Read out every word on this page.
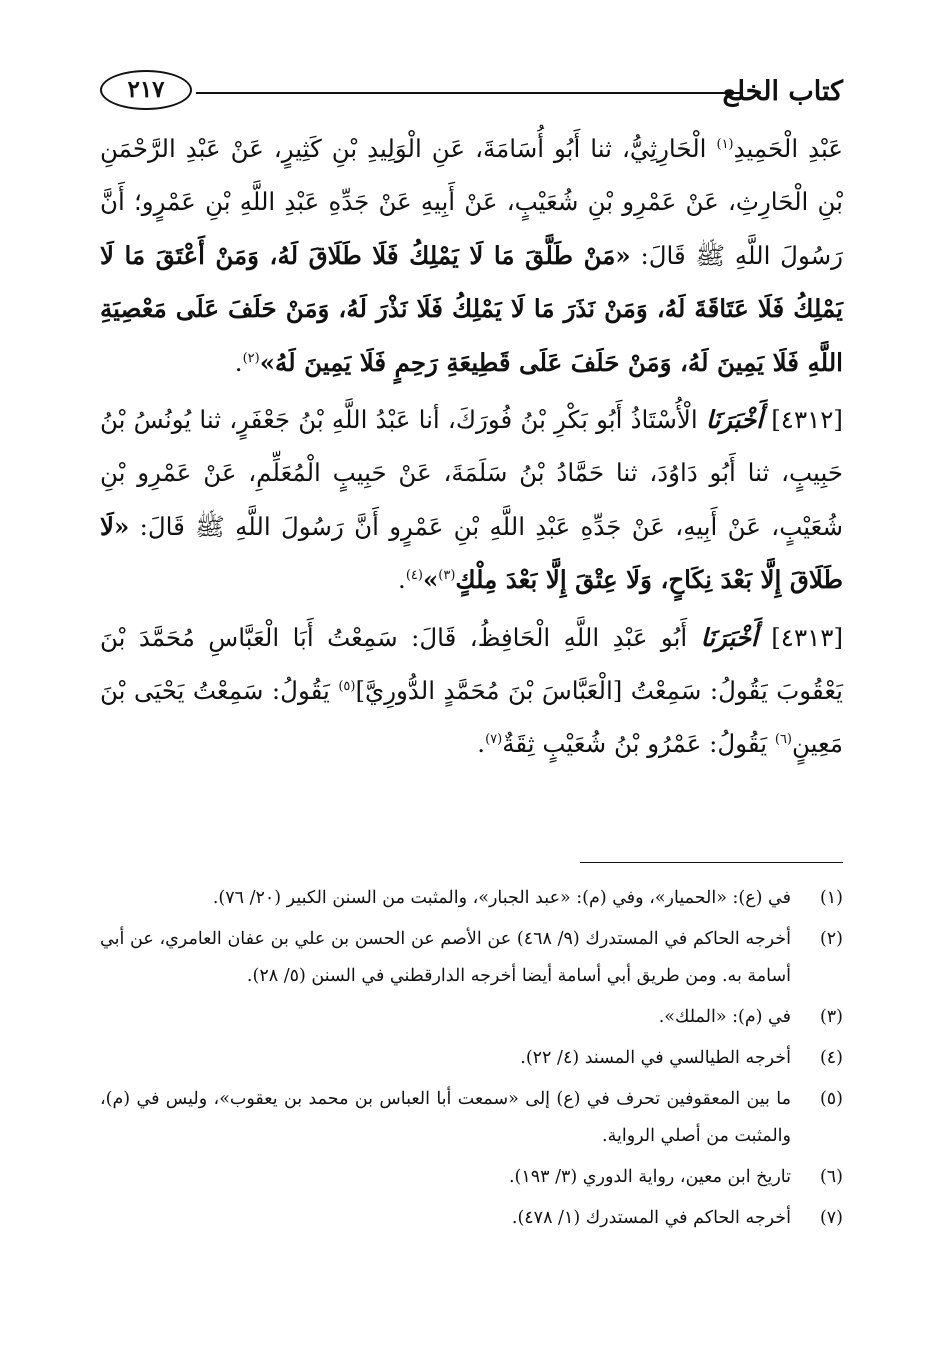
كتاب الخلع
٢١٧

عَبْدِ الْحَمِيدِ$^{(١)}$ الْحَارِثِيُّ، ثنا أَبُو أُسَامَةَ، عَنِ الْوَلِيدِ بْنِ كَثِيرٍ، عَنْ عَبْدِ الرَّحْمَنِ بْنِ الْحَارِثِ، عَنْ عَمْرِو بْنِ شُعَيْبٍ، عَنْ أَبِيهِ عَنْ جَدِّهِ عَبْدِ اللَّهِ بْنِ عَمْرٍو؛ أَنَّ رَسُولَ اللَّهِ ﷺ قَالَ: «مَنْ طَلَّقَ مَا لَا يَمْلِكُ فَلَا طَلَاقَ لَهُ، وَمَنْ أَعْتَقَ مَا لَا يَمْلِكُ فَلَا عَتَاقَةَ لَهُ، وَمَنْ نَذَرَ مَا لَا يَمْلِكُ فَلَا نَذْرَ لَهُ، وَمَنْ حَلَفَ عَلَى مَعْصِيَةِ اللَّهِ فَلَا يَمِينَ لَهُ، وَمَنْ حَلَفَ عَلَى قَطِيعَةِ رَحِمٍ فَلَا يَمِينَ لَهُ»$^{(٢)}$.

[٤٣١٢] أَخْبَرَنَا الْأُسْتَاذُ أَبُو بَكْرِ بْنُ فُورَكَ، أنا عَبْدُ اللَّهِ بْنُ جَعْفَرٍ، ثنا يُونُسُ بْنُ حَبِيبٍ، ثنا أَبُو دَاوُدَ، ثنا حَمَّادُ بْنُ سَلَمَةَ، عَنْ حَبِيبٍ الْمُعَلِّمِ، عَنْ عَمْرِو بْنِ شُعَيْبٍ، عَنْ أَبِيهِ، عَنْ جَدِّهِ عَبْدِ اللَّهِ بْنِ عَمْرٍو أَنَّ رَسُولَ اللَّهِ ﷺ قَالَ: «لَا طَلَاقَ إِلَّا بَعْدَ نِكَاحٍ، وَلَا عِتْقَ إِلَّا بَعْدَ مِلْكٍ$^{(٣)}$»$^{(٤)}$.

[٤٣١٣] أَخْبَرَنَا أَبُو عَبْدِ اللَّهِ الْحَافِظُ، قَالَ: سَمِعْتُ أَبَا الْعَبَّاسِ مُحَمَّدَ بْنَ يَعْقُوبَ يَقُولُ: سَمِعْتُ [الْعَبَّاسَ بْنَ مُحَمَّدٍ الدُّورِيَّ]$^{(٥)}$ يَقُولُ: سَمِعْتُ يَحْيَى بْنَ مَعِينٍ$^{(٦)}$ يَقُولُ: عَمْرُو بْنُ شُعَيْبٍ ثِقَةٌ$^{(٧)}$.

(١)
في (ع): «الحميار»، وفي (م): «عبد الجبار»، والمثبت من السنن الكبير (٢٠/ ٧٦).
(٢)
أخرجه الحاكم في المستدرك (٩/ ٤٦٨) عن الأصم عن الحسن بن علي بن عفان العامري، عن أبي أسامة به. ومن طريق أبي أسامة أيضا أخرجه الدارقطني في السنن (٥/ ٢٨).
(٣)
في (م): «الملك».
(٤)
أخرجه الطيالسي في المسند (٤/ ٢٢).
(٥)
ما بين المعقوفين تحرف في (ع) إلى «سمعت أبا العباس بن محمد بن يعقوب»، وليس في (م)، والمثبت من أصلي الرواية.
(٦)
تاريخ ابن معين، رواية الدوري (٣/ ١٩٣).
(٧)
أخرجه الحاكم في المستدرك (١/ ٤٧٨).
